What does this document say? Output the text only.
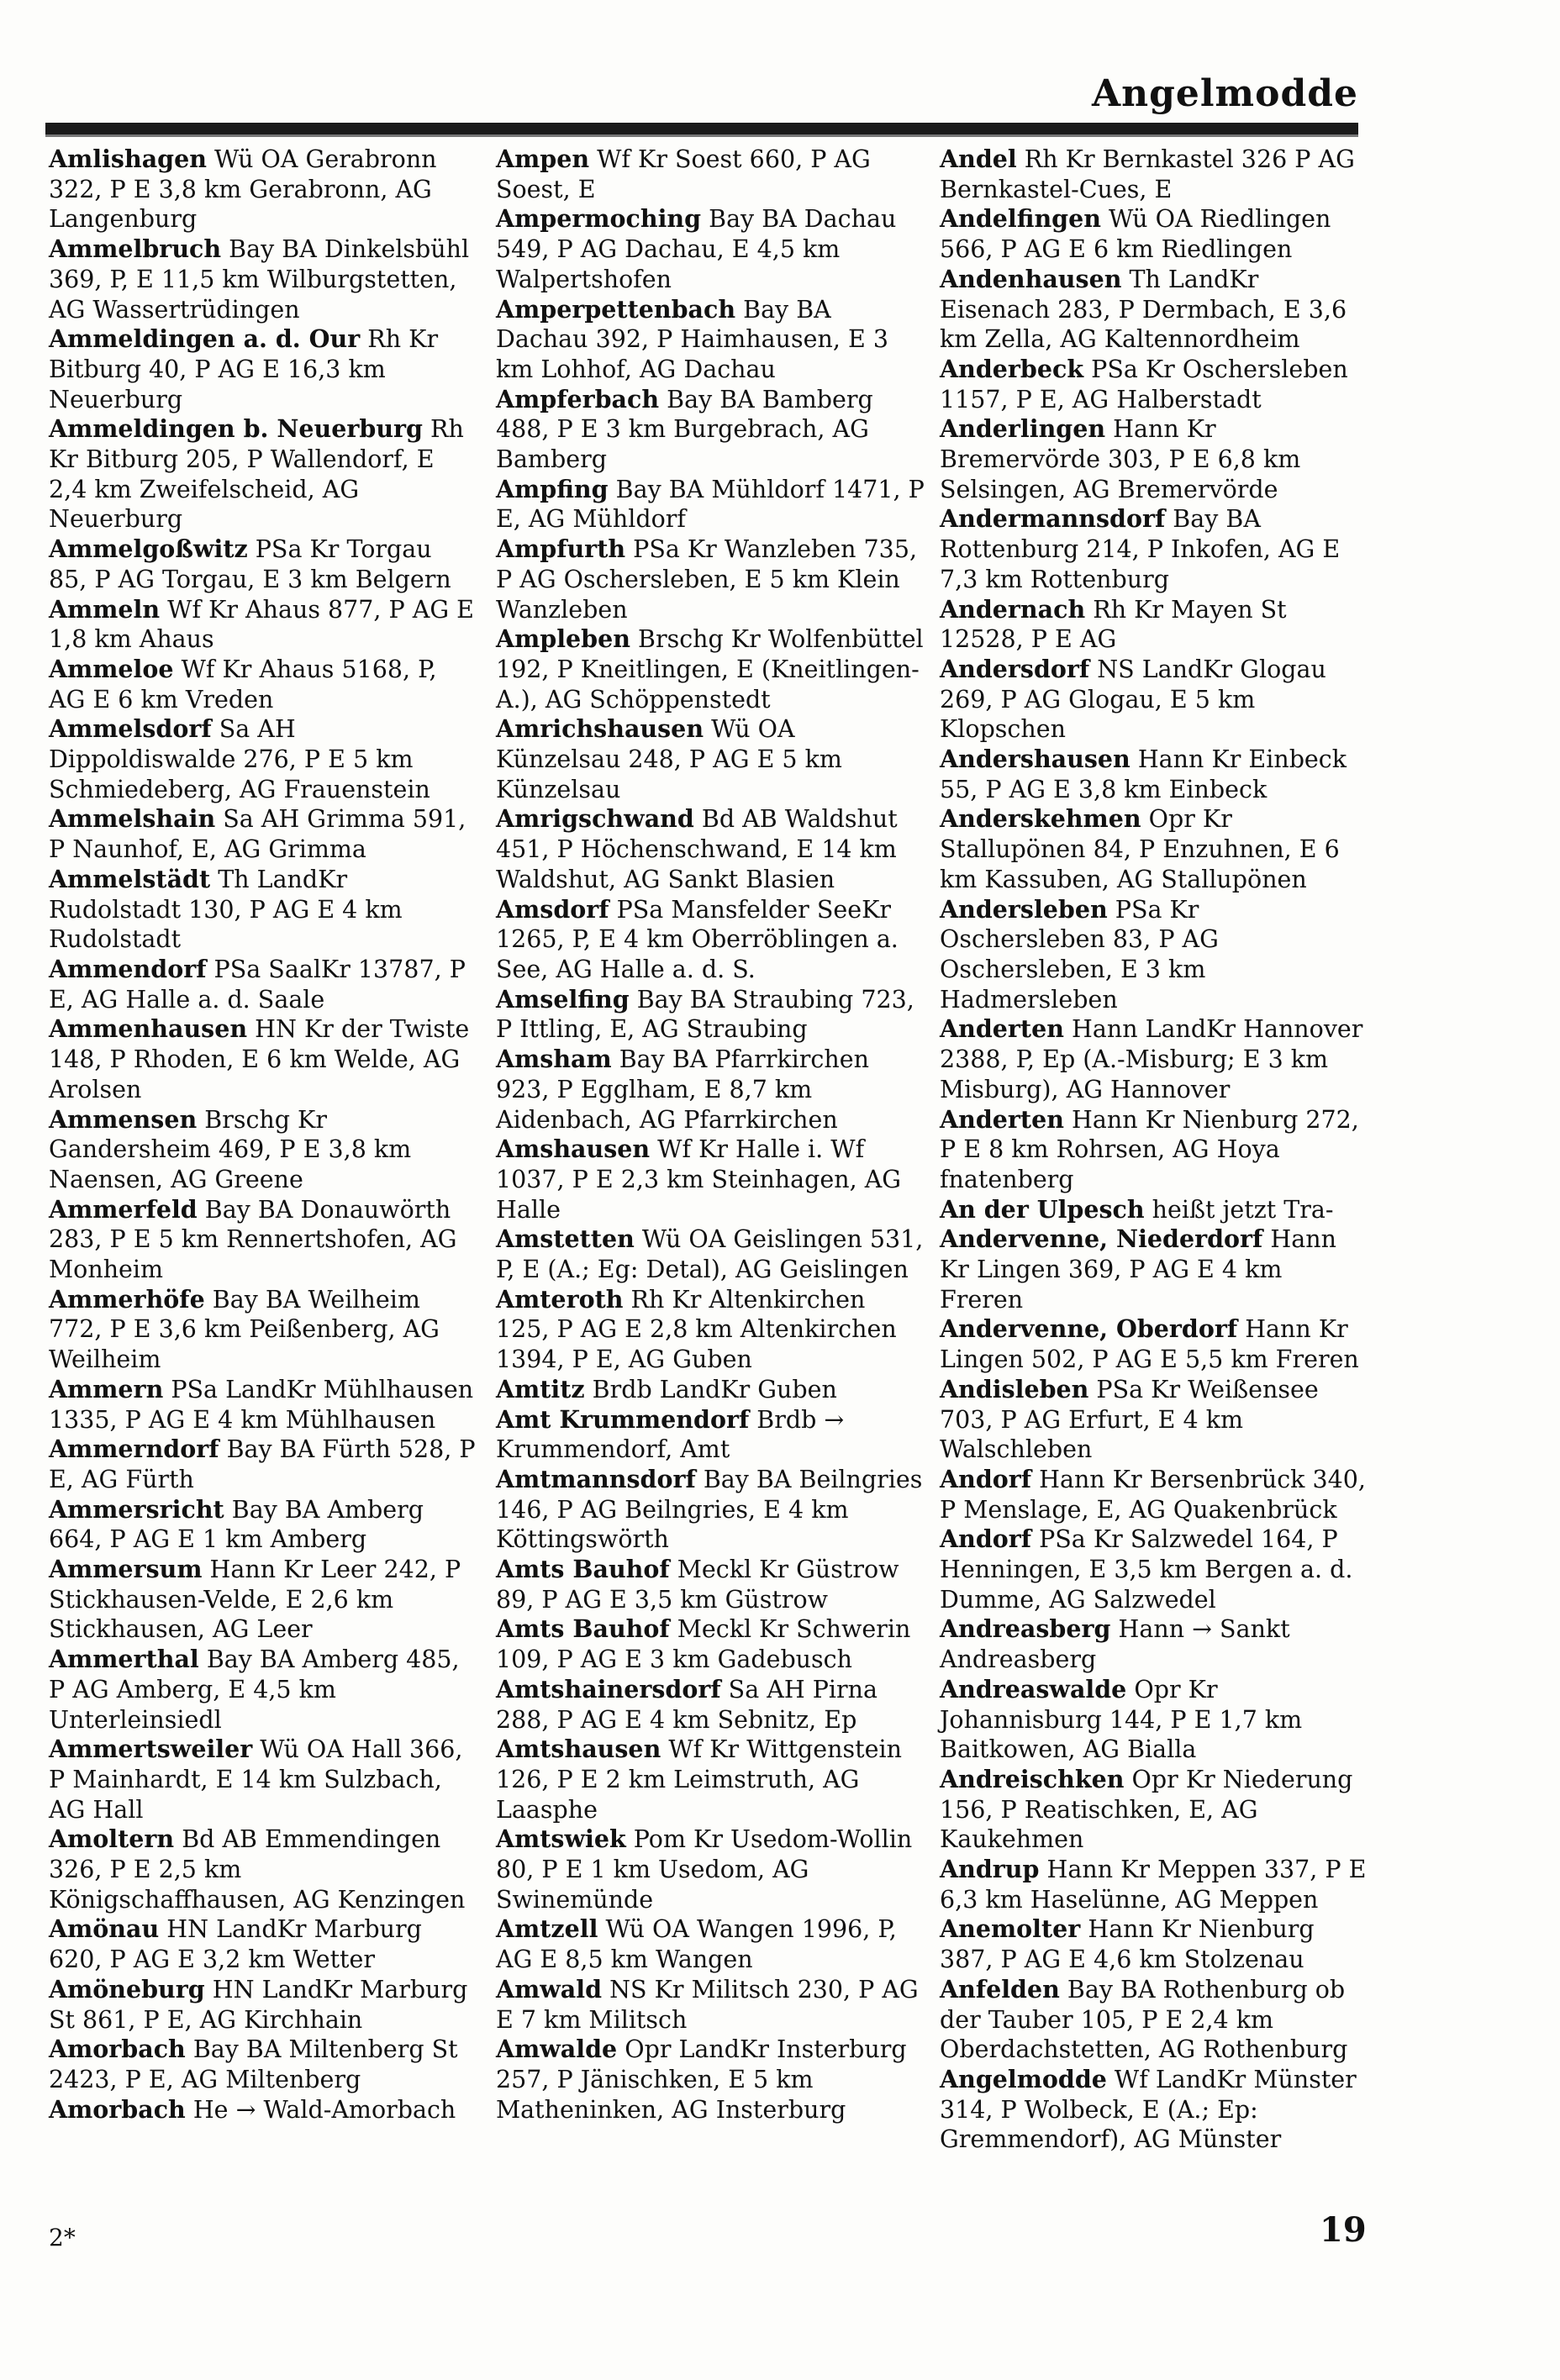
Angelmodde

Amlishagen Wü OA Gerabronn 322, P E 3,8 km Gerabronn, AG Langenburg

Ammelbruch Bay BA Dinkelsbühl 369, P, E 11,5 km Wilburgstetten, AG Wassertrüdingen

Ammeldingen a. d. Our Rh Kr Bitburg 40, P AG E 16,3 km Neuerburg

Ammeldingen b. Neuerburg Rh Kr Bitburg 205, P Wallendorf, E 2,4 km Zweifelscheid, AG Neuerburg

Ammelgoßwitz PSa Kr Torgau 85, P AG Torgau, E 3 km Belgern

Ammeln Wf Kr Ahaus 877, P AG E 1,8 km Ahaus

Ammeloe Wf Kr Ahaus 5168, P, AG E 6 km Vreden

Ammelsdorf Sa AH Dippoldiswalde 276, P E 5 km Schmiedeberg, AG Frauenstein

Ammelshain Sa AH Grimma 591, P Naunhof, E, AG Grimma

Ammelstädt Th LandKr Rudolstadt 130, P AG E 4 km Rudolstadt

Ammendorf PSa SaalKr 13787, P E, AG Halle a. d. Saale

Ammenhausen HN Kr der Twiste 148, P Rhoden, E 6 km Welde, AG Arolsen

Ammensen Brschg Kr Gandersheim 469, P E 3,8 km Naensen, AG Greene

Ammerfeld Bay BA Donauwörth 283, P E 5 km Rennertshofen, AG Monheim

Ammerhöfe Bay BA Weilheim 772, P E 3,6 km Peißenberg, AG Weilheim

Ammern PSa LandKr Mühlhausen 1335, P AG E 4 km Mühlhausen

Ammerndorf Bay BA Fürth 528, P E, AG Fürth

Ammersricht Bay BA Amberg 664, P AG E 1 km Amberg

Ammersum Hann Kr Leer 242, P Stickhausen-Velde, E 2,6 km Stickhausen, AG Leer

Ammerthal Bay BA Amberg 485, P AG Amberg, E 4,5 km Unterleinsiedl

Ammertsweiler Wü OA Hall 366, P Mainhardt, E 14 km Sulzbach, AG Hall

Amoltern Bd AB Emmendingen 326, P E 2,5 km Königschaffhausen, AG Kenzingen

Amönau HN LandKr Marburg 620, P AG E 3,2 km Wetter

Amöneburg HN LandKr Marburg St 861, P E, AG Kirchhain

Amorbach Bay BA Miltenberg St 2423, P E, AG Miltenberg

Amorbach He → Wald-Amorbach

Ampen Wf Kr Soest 660, P AG Soest, E

Ampermoching Bay BA Dachau 549, P AG Dachau, E 4,5 km Walpertshofen

Amperpettenbach Bay BA Dachau 392, P Haimhausen, E 3 km Lohhof, AG Dachau

Ampferbach Bay BA Bamberg 488, P E 3 km Burgebrach, AG Bamberg

Ampfing Bay BA Mühldorf 1471, P E, AG Mühldorf

Ampfurth PSa Kr Wanzleben 735, P AG Oschersleben, E 5 km Klein Wanzleben

Ampleben Brschg Kr Wolfenbüttel 192, P Kneitlingen, E (Kneitlingen-A.), AG Schöppenstedt

Amrichshausen Wü OA Künzelsau 248, P AG E 5 km Künzelsau

Amrigschwand Bd AB Waldshut 451, P Höchenschwand, E 14 km Waldshut, AG Sankt Blasien

Amsdorf PSa Mansfelder SeeKr 1265, P, E 4 km Oberröblingen a. See, AG Halle a. d. S.

Amselfing Bay BA Straubing 723, P Ittling, E, AG Straubing

Amsham Bay BA Pfarrkirchen 923, P Egglham, E 8,7 km Aidenbach, AG Pfarrkirchen

Amshausen Wf Kr Halle i. Wf 1037, P E 2,3 km Steinhagen, AG Halle

Amstetten Wü OA Geislingen 531, P, E (A.; Eg: Detal), AG Geislingen

Amteroth Rh Kr Altenkirchen 125, P AG E 2,8 km Altenkirchen

1394, P E, AG Guben

Amtitz Brdb LandKr Guben

Amt Krummendorf Brdb → Krummendorf, Amt

Amtmannsdorf Bay BA Beilngries 146, P AG Beilngries, E 4 km Köttingswörth

Amts Bauhof Meckl Kr Güstrow 89, P AG E 3,5 km Güstrow

Amts Bauhof Meckl Kr Schwerin 109, P AG E 3 km Gadebusch

Amtshainersdorf Sa AH Pirna 288, P AG E 4 km Sebnitz, Ep

Amtshausen Wf Kr Wittgenstein 126, P E 2 km Leimstruth, AG Laasphe

Amtswiek Pom Kr Usedom-Wollin 80, P E 1 km Usedom, AG Swinemünde

Amtzell Wü OA Wangen 1996, P, AG E 8,5 km Wangen

Amwald NS Kr Militsch 230, P AG E 7 km Militsch

Amwalde Opr LandKr Insterburg 257, P Jänischken, E 5 km Matheninken, AG Insterburg

Andel Rh Kr Bernkastel 326 P AG Bernkastel-Cues, E

Andelfingen Wü OA Riedlingen 566, P AG E 6 km Riedlingen

Andenhausen Th LandKr Eisenach 283, P Dermbach, E 3,6 km Zella, AG Kaltennordheim

Anderbeck PSa Kr Oschersleben 1157, P E, AG Halberstadt

Anderlingen Hann Kr Bremervörde 303, P E 6,8 km Selsingen, AG Bremervörde

Andermannsdorf Bay BA Rottenburg 214, P Inkofen, AG E 7,3 km Rottenburg

Andernach Rh Kr Mayen St 12528, P E AG

Andersdorf NS LandKr Glogau 269, P AG Glogau, E 5 km Klopschen

Andershausen Hann Kr Einbeck 55, P AG E 3,8 km Einbeck

Anderskehmen Opr Kr Stallupönen 84, P Enzuhnen, E 6 km Kassuben, AG Stallupönen

Andersleben PSa Kr Oschersleben 83, P AG Oschersleben, E 3 km Hadmersleben

Anderten Hann LandKr Hannover 2388, P, Ep (A.-Misburg; E 3 km Misburg), AG Hannover

Anderten Hann Kr Nienburg 272, P E 8 km Rohrsen, AG Hoya

fnatenberg

An der Ulpesch heißt jetzt Tra-

Andervenne, Niederdorf Hann Kr Lingen 369, P AG E 4 km Freren

Andervenne, Oberdorf Hann Kr Lingen 502, P AG E 5,5 km Freren

Andisleben PSa Kr Weißensee 703, P AG Erfurt, E 4 km Walschleben

Andorf Hann Kr Bersenbrück 340, P Menslage, E, AG Quakenbrück

Andorf PSa Kr Salzwedel 164, P Henningen, E 3,5 km Bergen a. d. Dumme, AG Salzwedel

Andreasberg Hann → Sankt Andreasberg

Andreaswalde Opr Kr Johannisburg 144, P E 1,7 km Baitkowen, AG Bialla

Andreischken Opr Kr Niederung 156, P Reatischken, E, AG Kaukehmen

Andrup Hann Kr Meppen 337, P E 6,3 km Haselünne, AG Meppen

Anemolter Hann Kr Nienburg 387, P AG E 4,6 km Stolzenau

Anfelden Bay BA Rothenburg ob der Tauber 105, P E 2,4 km Oberdachstetten, AG Rothenburg

Angelmodde Wf LandKr Münster 314, P Wolbeck, E (A.; Ep: Gremmendorf), AG Münster

2*	19
